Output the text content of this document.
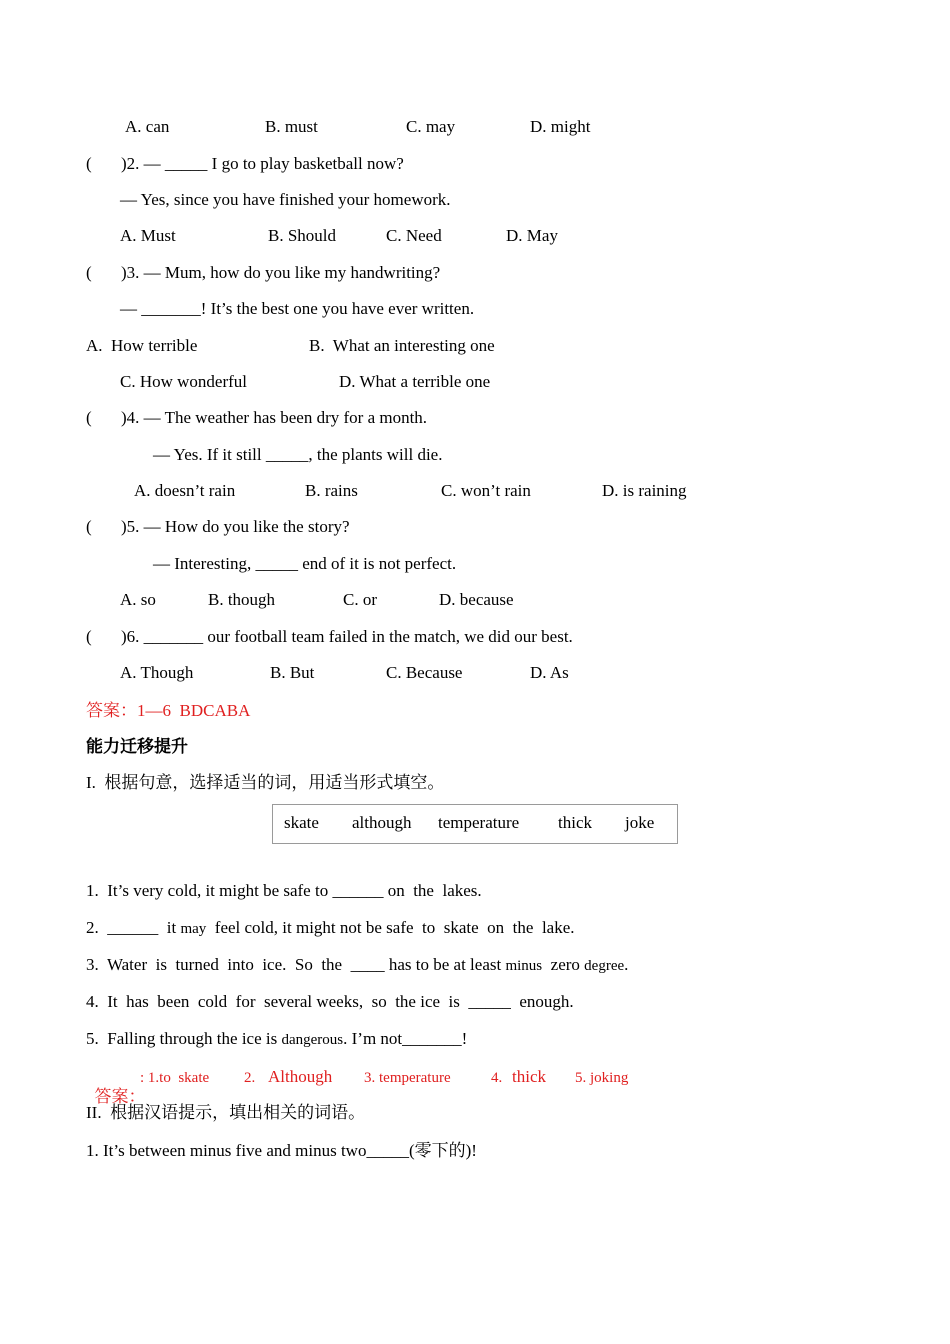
A. can	B. must	C. may	D. might
( )2. — _____ I go to play basketball now?
— Yes, since you have finished your homework.
A. Must	B. Should	C. Need	D. May
( )3. — Mum, how do you like my handwriting?
— _______! It’s the best one you have ever written.
A.  How terrible	B.  What an interesting one
C. How wonderful	D. What a terrible one
( )4. — The weather has been dry for a month.
— Yes. If it still _____, the plants will die.
A. doesn’t rain	B. rains	C. won’t rain	D. is raining
( )5. — How do you like the story?
— Interesting, _____ end of it is not perfect.
A. so	B. though	C. or	D. because
( )6. _______ our football team failed in the match, we did our best.
A. Though	B. But	C. Because	D. As
答案：1—6  BDCABA
能力迁移提升
I.  根据句意，选择适当的词，用适当形式填空。
skate although temperature thick joke
1.  It’s very cold, it might be safe to ______ on  the  lakes.
2.  ______  it may  feel cold, it might not be safe  to  skate  on  the  lake.
3.  Water  is  turned  into  ice.  So  the  ____ has to be at least minus  zero degree.
4.  It  has  been  cold  for  several weeks,  so  the ice  is  _____  enough.
5.  Falling through the ice is dangerous. I’m not_______!

答案：

: 1.to  skate 2. Although 3. temperature	4. thick 5. joking
II.  根据汉语提示，填出相关的词语。
1. It’s between minus five and minus two_____(零下的)!
